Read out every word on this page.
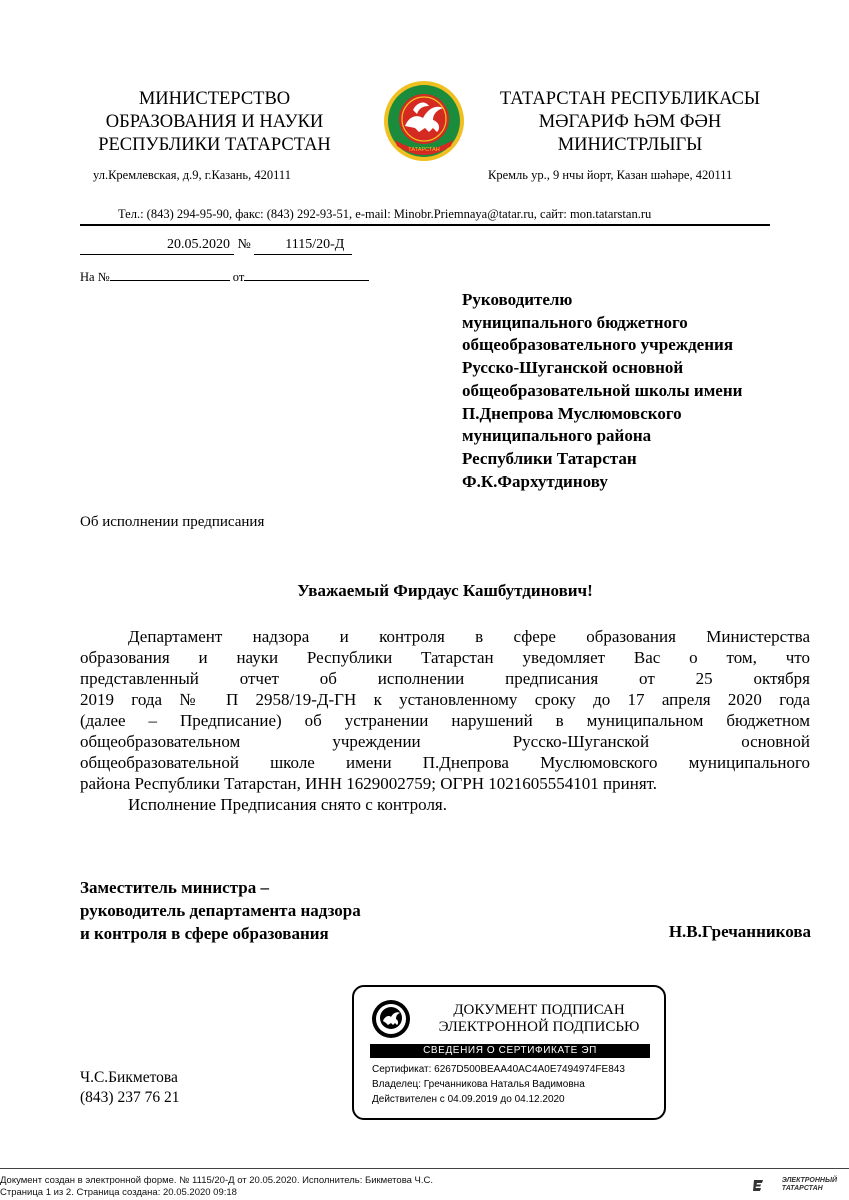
МИНИСТЕРСТВО
ОБРАЗОВАНИЯ И НАУКИ
РЕСПУБЛИКИ ТАТАРСТАН	ТАТАРСТАН
ТАТАРСТАН РЕСПУБЛИКАСЫ
МӘГАРИФ ҺӘМ ФӘН
МИНИСТРЛЫГЫ
ул.Кремлевская, д.9, г.Казань, 420111	Кремль ур., 9 нчы йорт, Казан шәһәре, 420111
Тел.: (843) 294-95-90, факс: (843) 292-93-51, e-mail: Minobr.Priemnaya@tatar.ru, сайт: mon.tatarstan.ru
20.05.2020 № 1115/20-Д
На №	от
Руководителю
муниципального бюджетного
общеобразовательного учреждения
Русско-Шуганской основной
общеобразовательной школы имени
П.Днепрова Муслюмовского
муниципального района
Республики Татарстан
Ф.К.Фархутдинову
Об исполнении предписания
Уважаемый Фирдаус Кашбутдинович!
Департамент надзора и контроля в сфере образования Министерства
образования и науки Республики Татарстан уведомляет Вас о том, что
представленный отчет об исполнении предписания от 25 октября
2019 года № П 2958/19-Д-ГН к установленному сроку до 17 апреля 2020 года
(далее – Предписание) об устранении нарушений в муниципальном бюджетном
общеобразовательном учреждении Русско-Шуганской основной
общеобразовательной школе имени П.Днепрова Муслюмовского муниципального
района Республики Татарстан, ИНН 1629002759; ОГРН 1021605554101 принят.
Исполнение Предписания снято с контроля.
Заместитель министра –
руководитель департамента надзора
и контроля в сфере образования	Н.В.Гречанникова
ДОКУМЕНТ ПОДПИСАН
ЭЛЕКТРОННОЙ ПОДПИСЬЮ
СВЕДЕНИЯ О СЕРТИФИКАТЕ ЭП
Сертификат: 6267D500BEAA40AC4A0E7494974FE843
Владелец: Гречанникова Наталья Вадимовна
Действителен с 04.09.2019 до 04.12.2020
Ч.С.Бикметова
(843) 237 76 21
Документ создан в электронной форме. № 1115/20-Д от 20.05.2020. Исполнитель: Бикметова Ч.С.
Страница 1 из 2. Страница создана: 20.05.2020 09:18
ЭЛЕКТРОННЫЙ
ТАТАРСТАН
